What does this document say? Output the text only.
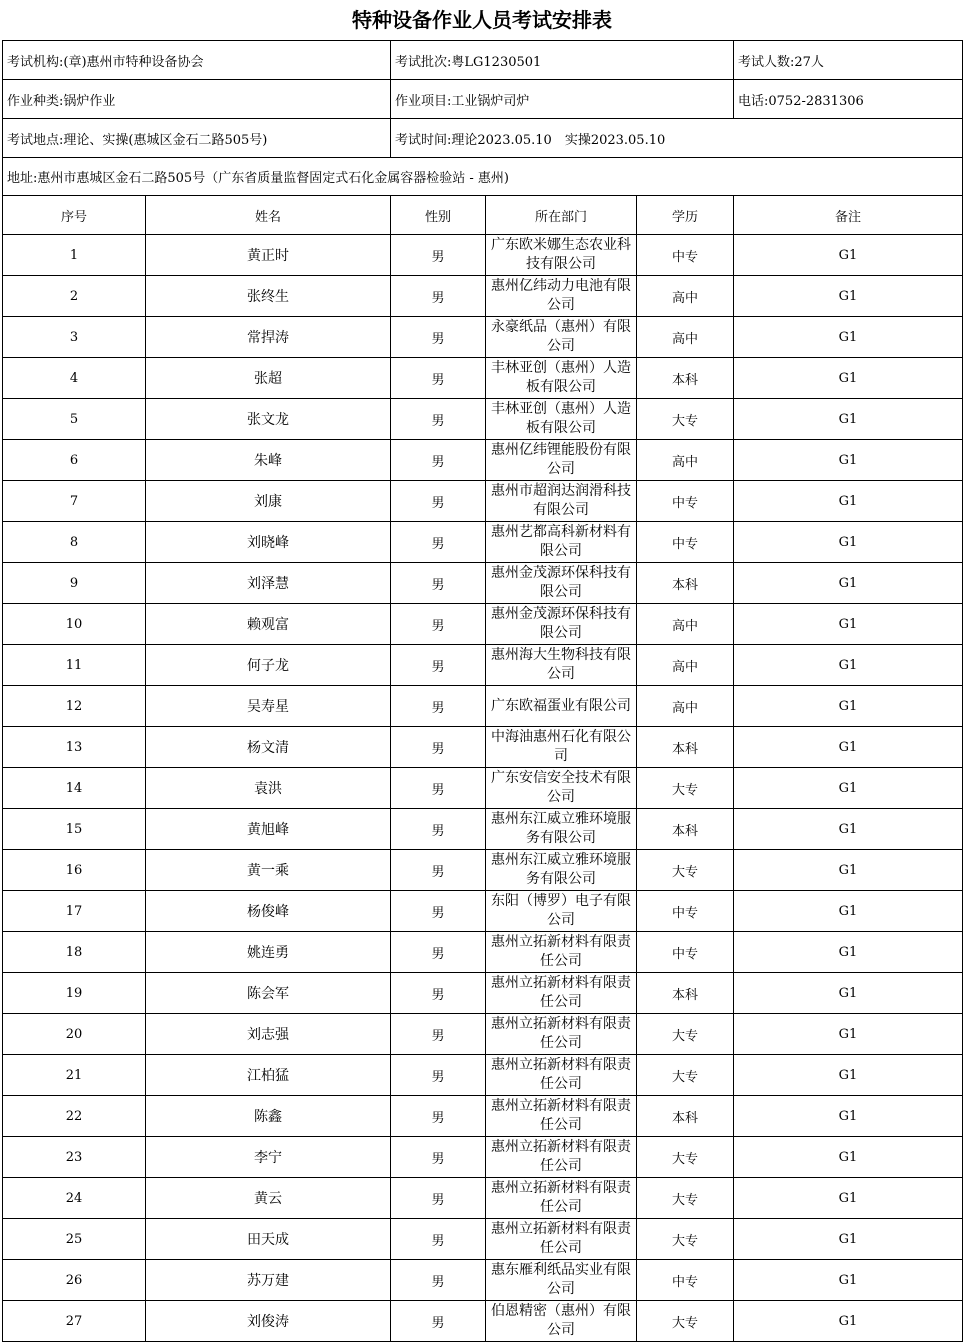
特种设备作业人员考试安排表
考试机构:(章)惠州市特种设备协会		考试批次:粤LG1230501			考试人数:27人
作业种类:锅炉作业		作业项目:工业锅炉司炉			电话:0752-2831306
考试地点:理论、实操(惠城区金石二路505号)		考试时间:理论2023.05.10　实操2023.05.10			
地址:惠州市惠城区金石二路505号（广东省质量监督固定式石化金属容器检验站 - 惠州)					
序号	姓名	性别	所在部门	学历	备注
1	黄正时	男	广东欧米娜生态农业科技有限公司	中专	G1
2	张终生	男	惠州亿纬动力电池有限公司	高中	G1
3	常捍涛	男	永豪纸品（惠州）有限公司	高中	G1
4	张超	男	丰林亚创（惠州）人造板有限公司	本科	G1
5	张文龙	男	丰林亚创（惠州）人造板有限公司	大专	G1
6	朱峰	男	惠州亿纬锂能股份有限公司	高中	G1
7	刘康	男	惠州市超润达润滑科技有限公司	中专	G1
8	刘晓峰	男	惠州艺都高科新材料有限公司	中专	G1
9	刘泽慧	男	惠州金茂源环保科技有限公司	本科	G1
10	赖观富	男	惠州金茂源环保科技有限公司	高中	G1
11	何子龙	男	惠州海大生物科技有限公司	高中	G1
12	吴寿星	男	广东欧福蛋业有限公司	高中	G1
13	杨文清	男	中海油惠州石化有限公司	本科	G1
14	袁洪	男	广东安信安全技术有限公司	大专	G1
15	黄旭峰	男	惠州东江威立雅环境服务有限公司	本科	G1
16	黄一乘	男	惠州东江威立雅环境服务有限公司	大专	G1
17	杨俊峰	男	东阳（博罗）电子有限公司	中专	G1
18	姚连勇	男	惠州立拓新材料有限责任公司	中专	G1
19	陈会军	男	惠州立拓新材料有限责任公司	本科	G1
20	刘志强	男	惠州立拓新材料有限责任公司	大专	G1
21	江柏猛	男	惠州立拓新材料有限责任公司	大专	G1
22	陈鑫	男	惠州立拓新材料有限责任公司	本科	G1
23	李宁	男	惠州立拓新材料有限责任公司	大专	G1
24	黄云	男	惠州立拓新材料有限责任公司	大专	G1
25	田天成	男	惠州立拓新材料有限责任公司	大专	G1
26	苏万建	男	惠东雁利纸品实业有限公司	中专	G1
27	刘俊涛	男	伯恩精密（惠州）有限公司	大专	G1
